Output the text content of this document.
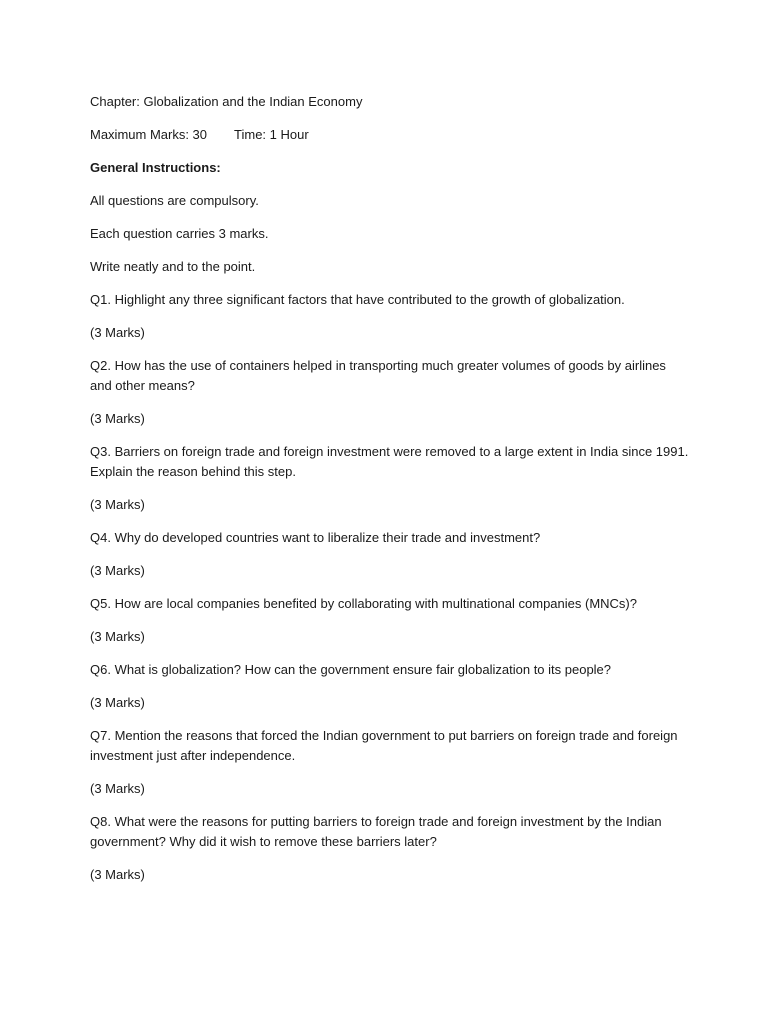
Chapter: Globalization and the Indian Economy

Maximum Marks: 30 Time: 1 Hour

General Instructions:

All questions are compulsory.

Each question carries 3 marks.

Write neatly and to the point.

Q1. Highlight any three significant factors that have contributed to the growth of globalization.

(3 Marks)

Q2. How has the use of containers helped in transporting much greater volumes of goods by airlines and other means?

(3 Marks)

Q3. Barriers on foreign trade and foreign investment were removed to a large extent in India since 1991. Explain the reason behind this step.

(3 Marks)

Q4. Why do developed countries want to liberalize their trade and investment?

(3 Marks)

Q5. How are local companies benefited by collaborating with multinational companies (MNCs)?

(3 Marks)

Q6. What is globalization? How can the government ensure fair globalization to its people?

(3 Marks)

Q7. Mention the reasons that forced the Indian government to put barriers on foreign trade and foreign investment just after independence.

(3 Marks)

Q8. What were the reasons for putting barriers to foreign trade and foreign investment by the Indian government? Why did it wish to remove these barriers later?

(3 Marks)
